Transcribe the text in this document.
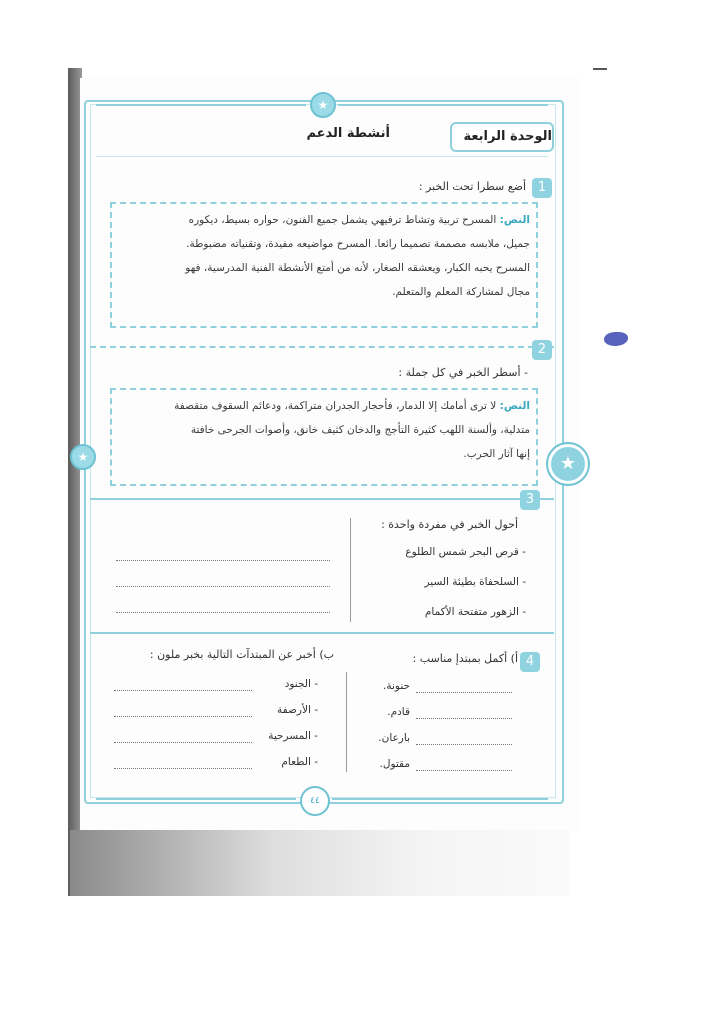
★
★
★
الوحدة الرابعة
أنشطة الدعم
1
أضع سطرا تحت الخبر :
النص: المسرح تربية وتشاط ترفيهي يشمل جميع الفنون، حواره بسيط، ديكوره
جميل، ملابسه مصممة تصميما رائعا. المسرح مواضيعه مفيدة، وتقنياته مضبوطة.
المسرح يحبه الكبار، ويعشقه الصغار، لأنه من أمتع الأنشطة الفنية المدرسية، فهو
مجال لمشاركة المعلم والمتعلم.
2
- أسطر الخبر في كل جملة :
النص: لا ترى أمامك إلا الدمار، فأحجار الجدران متراكمة، ودعائم السقوف متقصفة
متدلية، وألسنة اللهب كثيرة التأجج والدخان كثيف خانق، وأصوات الجرحى خافتة
إنها آثار الحرب.
3
أحول الخبر في مفردة واحدة :
- قرص البحر شمس الطلوع
- السلحفاة بطيئة السير
- الزهور متفتحة الأكمام
4
أ) أكمل بمبتدإ مناسب :
ب) أخبر عن المبتدآت التالية بخبر ملون :
حنونة.
قادم.
بارعان.
مقتول.
- الجنود
- الأرصفة
- المسرحية
- الطعام
٤٤
